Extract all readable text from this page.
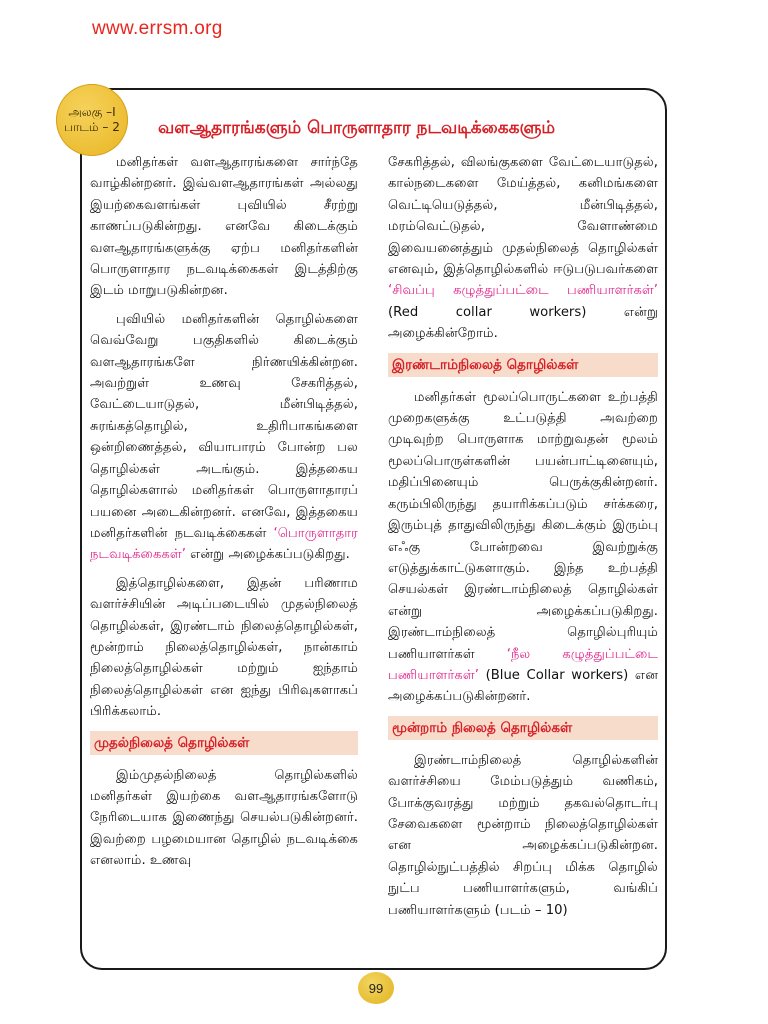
www.errsm.org
அலகு –I
பாடம் – 2 வளஆதாரங்களும் பொருளாதார நடவடிக்கைகளும்

மனிதர்கள் வளஆதாரங்களை சார்ந்தே வாழ்கின்றனர். இவ்வளஆதாரங்கள் அல்லது இயற்கைவளங்கள் புவியில் சீரற்று காணப்படுகின்றது. எனவே கிடைக்கும் வளஆதாரங்களுக்கு ஏற்ப மனிதர்களின் பொருளாதார நடவடிக்கைகள் இடத்திற்கு இடம் மாறுபடுகின்றன.

புவியில் மனிதர்களின் தொழில்களை வெவ்வேறு பகுதிகளில் கிடைக்கும் வளஆதாரங்களே நிர்ணயிக்கின்றன. அவற்றுள் உணவு சேகரித்தல், வேட்டையாடுதல், மீன்பிடித்தல், சுரங்கத்தொழில், உதிரிபாகங்களை ஒன்றிணைத்தல், வியாபாரம் போன்ற பல தொழில்கள் அடங்கும். இத்தகைய தொழில்களால் மனிதர்கள் பொருளாதாரப் பயனை அடைகின்றனர். எனவே, இத்தகைய மனிதர்களின் நடவடிக்கைகள் ‘பொருளாதார நடவடிக்கைகள்’ என்று அழைக்கப்படுகிறது.

இத்தொழில்களை, இதன் பரிணாம வளர்ச்சியின் அடிப்படையில் முதல்நிலைத் தொழில்கள், இரண்டாம் நிலைத்தொழில்கள், மூன்றாம் நிலைத்தொழில்கள், நான்காம் நிலைத்தொழில்கள் மற்றும் ஐந்தாம் நிலைத்தொழில்கள் என ஐந்து பிரிவுகளாகப் பிரிக்கலாம்.

முதல்நிலைத் தொழில்கள்

இம்முதல்நிலைத் தொழில்களில் மனிதர்கள் இயற்கை வளஆதாரங்களோடு நேரிடையாக இணைந்து செயல்படுகின்றனர். இவற்றை பழமையான தொழில் நடவடிக்கை எனலாம். உணவு

சேகரித்தல், விலங்குகளை வேட்டையாடுதல், கால்நடைகளை மேய்த்தல், கனிமங்களை வெட்டியெடுத்தல், மீன்பிடித்தல், மரம்வெட்டுதல், வேளாண்மை இவையனைத்தும் முதல்நிலைத் தொழில்கள் எனவும், இத்தொழில்களில் ஈடுபடுபவர்களை ‘சிவப்பு கழுத்துப்பட்டை பணியாளர்கள்’ (Red collar workers) என்று அழைக்கின்றோம்.

இரண்டாம்நிலைத் தொழில்கள்

மனிதர்கள் மூலப்பொருட்களை உற்பத்தி முறைகளுக்கு உட்படுத்தி அவற்றை முடிவுற்ற பொருளாக மாற்றுவதன் மூலம் மூலப்பொருள்களின் பயன்பாட்டினையும், மதிப்பினையும் பெருக்குகின்றனர். கரும்பிலிருந்து தயாரிக்கப்படும் சர்க்கரை, இரும்புத் தாதுவிலிருந்து கிடைக்கும் இரும்பு எஃகு போன்றவை இவற்றுக்கு எடுத்துக்காட்டுகளாகும். இந்த உற்பத்தி செயல்கள் இரண்டாம்நிலைத் தொழில்கள் என்று அழைக்கப்படுகிறது. இரண்டாம்நிலைத் தொழில்புரியும் பணியாளர்கள் ‘நீல கழுத்துப்பட்டை பணியாளர்கள்’ (Blue Collar workers) என அழைக்கப்படுகின்றனர்.

மூன்றாம் நிலைத் தொழில்கள்

இரண்டாம்நிலைத் தொழில்களின் வளர்ச்சியை மேம்படுத்தும் வணிகம், போக்குவரத்து மற்றும் தகவல்தொடர்பு சேவைகளை மூன்றாம் நிலைத்தொழில்கள் என அழைக்கப்படுகின்றன. தொழில்நுட்பத்தில் சிறப்பு மிக்க தொழில் நுட்ப பணியாளர்களும், வங்கிப் பணியாளர்களும் (படம் – 10)

99
